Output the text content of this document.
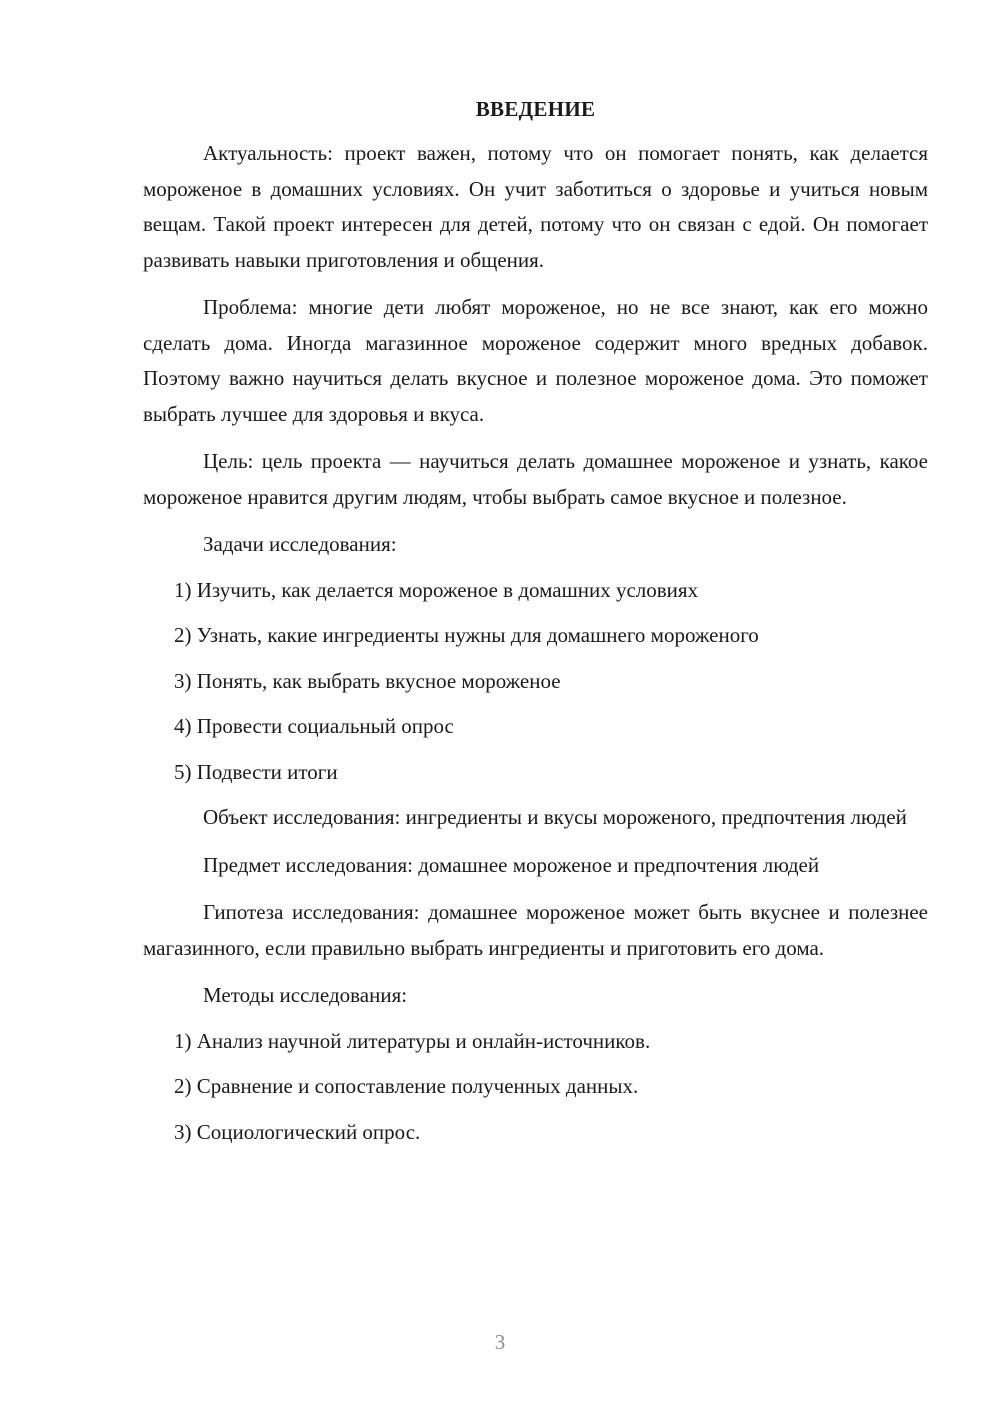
ВВЕДЕНИЕ

Актуальность: проект важен, потому что он помогает понять, как делается мороженое в домашних условиях. Он учит заботиться о здоровье и учиться новым вещам. Такой проект интересен для детей, потому что он связан с едой. Он помогает развивать навыки приготовления и общения.

Проблема: многие дети любят мороженое, но не все знают, как его можно сделать дома. Иногда магазинное мороженое содержит много вредных добавок. Поэтому важно научиться делать вкусное и полезное мороженое дома. Это поможет выбрать лучшее для здоровья и вкуса.

Цель: цель проекта — научиться делать домашнее мороженое и узнать, какое мороженое нравится другим людям, чтобы выбрать самое вкусное и полезное.

Задачи исследования:

1) Изучить, как делается мороженое в домашних условиях

2) Узнать, какие ингредиенты нужны для домашнего мороженого

3) Понять, как выбрать вкусное мороженое

4) Провести социальный опрос

5) Подвести итоги

Объект исследования: ингредиенты и вкусы мороженого, предпочтения людей

Предмет исследования: домашнее мороженое и предпочтения людей

Гипотеза исследования: домашнее мороженое может быть вкуснее и полезнее магазинного, если правильно выбрать ингредиенты и приготовить его дома.

Методы исследования:

1) Анализ научной литературы и онлайн-источников.

2) Сравнение и сопоставление полученных данных.

3) Социологический опрос.

3
